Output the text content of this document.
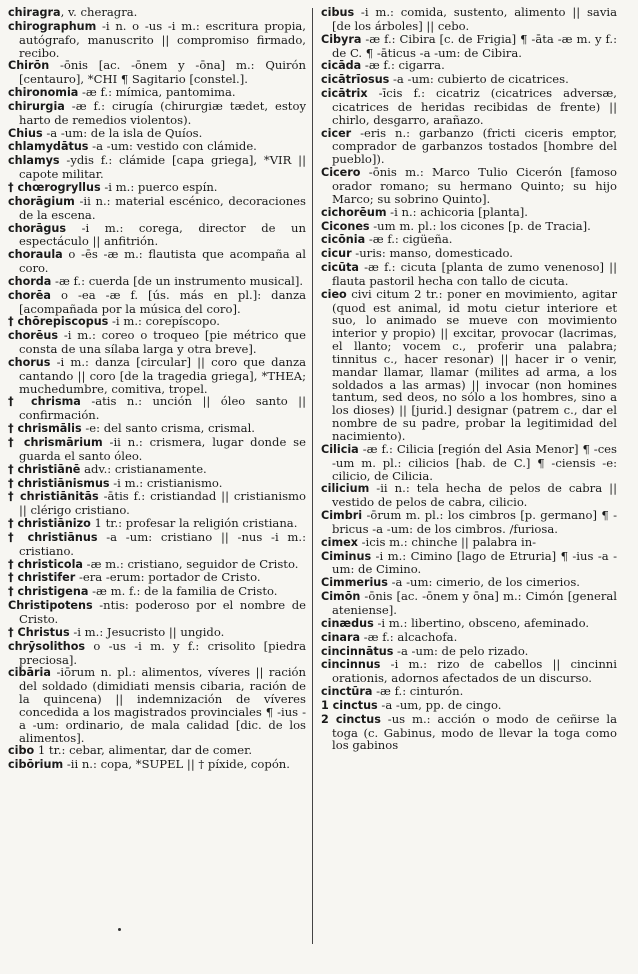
chiragra, v. cheragra.

chirographum -i n. o -us -i m.: escritura propia, autógrafo, manuscrito || compromiso firmado, recibo.

Chirōn -ōnis [ac. -ōnem y -ōna] m.: Quirón [centauro], *CHI ¶ Sagitario [constel.].

chironomia -æ f.: mímica, pantomima.

chirurgia -æ f.: cirugía (chirurgiæ tædet, estoy harto de remedios violentos).

Chius -a -um: de la isla de Quíos.

chlamydātus -a -um: vestido con clámide.

chlamys -ydis f.: clámide [capa griega], *VIR || capote militar.

† chœrogryllus -i m.: puerco espín.

chorāgium -ii n.: material escénico, decoraciones de la escena.

chorāgus -i m.: corega, director de un espectáculo || anfitrión.

choraula o -ēs -æ m.: flautista que acompaña al coro.

chorda -æ f.: cuerda [de un instrumento musical].

chorēa o -ea -æ f. [ús. más en pl.]: danza [acompañada por la música del coro].

† chōrepiscopus -i m.: corepíscopo.

chorēus -i m.: coreo o troqueo [pie métrico que consta de una sílaba larga y otra breve].

chorus -i m.: danza [circular] || coro que danza cantando || coro [de la tragedia griega], *THEA; muchedumbre, comitiva, tropel.

† chrisma -atis n.: unción || óleo santo || confirmación.

† chrismālis -e: del santo crisma, crismal.

† chrismārium -ii n.: crismera, lugar donde se guarda el santo óleo.

† christiānē adv.: cristianamente.

† christiānismus -i m.: cristianismo.

† christiānitās -ātis f.: cristiandad || cristianismo || clérigo cristiano.

† christiānizo 1 tr.: profesar la religión cristiana.

† christiānus -a -um: cristiano || -nus -i m.: cristiano.

† christicola -æ m.: cristiano, seguidor de Cristo.

† christifer -era -erum: portador de Cristo.

† christigena -æ m. f.: de la familia de Cristo.

Christipotens -ntis: poderoso por el nombre de Cristo.

† Christus -i m.: Jesucristo || ungido.

chrȳsolithos o -us -i m. y f.: crisolito [piedra preciosa].

cibāria -iōrum n. pl.: alimentos, víveres || ración del soldado (dimidiati mensis cibaria, ración de la quincena) || indemnización de víveres concedida a los magistrados provinciales ¶ -ius -a -um: ordinario, de mala calidad [dic. de los alimentos].

cibo 1 tr.: cebar, alimentar, dar de comer.

cibōrium -ii n.: copa, *SUPEL || † píxide, copón.

cibus -i m.: comida, sustento, alimento || savia [de los árboles] || cebo.

Cibyra -æ f.: Cibira [c. de Frigia] ¶ -āta -æ m. y f.: de C. ¶ -āticus -a -um: de Cibira.

cicāda -æ f.: cigarra.

cicātrīosus -a -um: cubierto de cicatrices.

cicātrix -īcis f.: cicatriz (cicatrices adversæ, cicatrices de heridas recibidas de frente) || chirlo, desgarro, arañazo.

cicer -eris n.: garbanzo (fricti ciceris emptor, comprador de garbanzos tostados [hombre del pueblo]).

Cicero -ōnis m.: Marco Tulio Cicerón [famoso orador romano; su hermano Quinto; su hijo Marco; su sobrino Quinto].

cichorēum -i n.: achicoria [planta].

Cicones -um m. pl.: los cicones [p. de Tracia].

cicōnia -æ f.: cigüeña.

cicur -uris: manso, domesticado.

cicūta -æ f.: cicuta [planta de zumo venenoso] || flauta pastoril hecha con tallo de cicuta.

cieo civi citum 2 tr.: poner en movimiento, agitar (quod est animal, id motu cietur interiore et suo, lo animado se mueve con movimiento interior y propio) || excitar, provocar (lacrimas, el llanto; vocem c., proferir una palabra; tinnitus c., hacer resonar) || hacer ir o venir, mandar llamar, llamar (milites ad arma, a los soldados a las armas) || invocar (non homines tantum, sed deos, no sólo a los hombres, sino a los dioses) || [jurid.] designar (patrem c., dar el nombre de su padre, probar la legitimidad del nacimiento).

Cilicia -æ f.: Cilicia [región del Asia Menor] ¶ -ces -um m. pl.: cilicios [hab. de C.] ¶ -ciensis -e: cilicio, de Cilicia.

cilicium -ii n.: tela hecha de pelos de cabra || vestido de pelos de cabra, cilicio.

Cimbri -ōrum m. pl.: los cimbros [p. germano] ¶ -bricus -a -um: de los cimbros. /furiosa.

cimex -icis m.: chinche || palabra in-

Ciminus -i m.: Cimino [lago de Etruria] ¶ -ius -a -um: de Cimino.

Cimmerius -a -um: cimerio, de los cimerios.

Cimōn -ōnis [ac. -ōnem y ōna] m.: Cimón [general ateniense].

cinædus -i m.: libertino, obsceno, afeminado.

cinara -æ f.: alcachofa.

cincinnātus -a -um: de pelo rizado.

cincinnus -i m.: rizo de cabellos || cincinni orationis, adornos afectados de un discurso.

cinctūra -æ f.: cinturón.

1 cinctus -a -um, pp. de cingo.

2 cinctus -us m.: acción o modo de ceñirse la toga (c. Gabinus, modo de llevar la toga como los gabinos
